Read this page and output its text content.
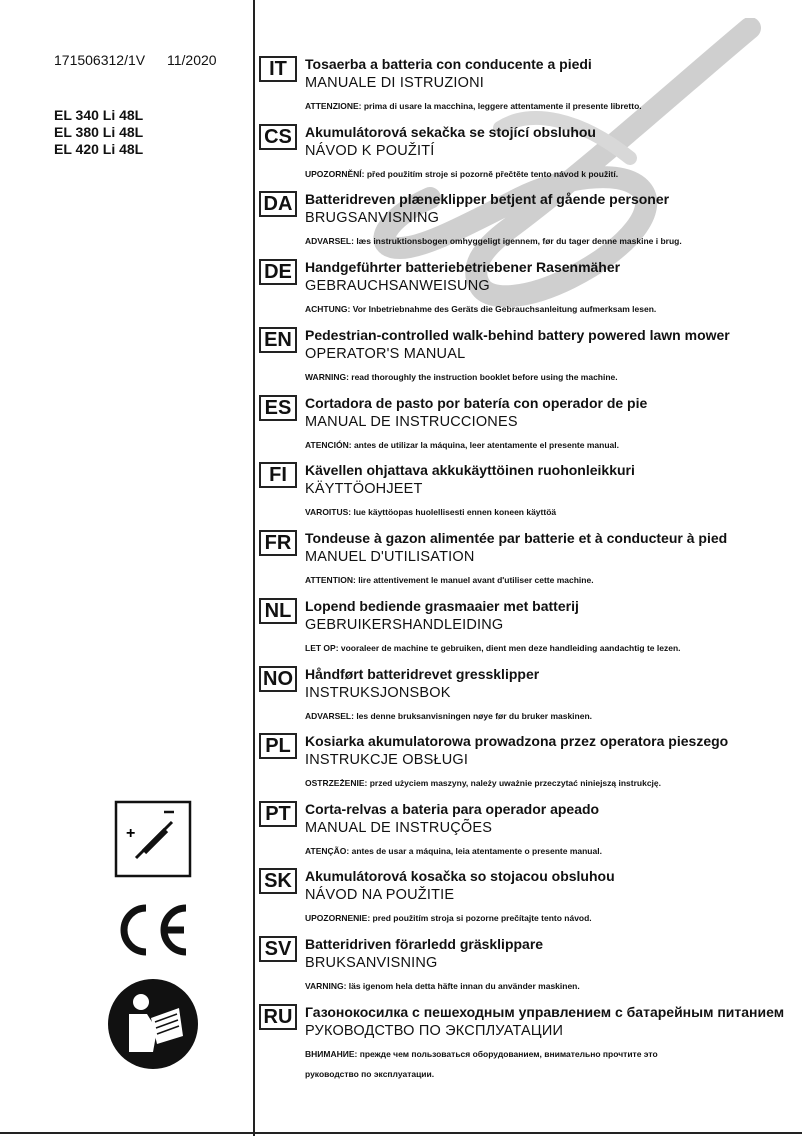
171506312/1V 11/2020
EL 340 Li 48L
EL 380 Li 48L
EL 420 Li 48L
IT	Tosaerba a batteria con conducente a piedi
MANUALE DI ISTRUZIONI
ATTENZIONE: prima di usare la macchina, leggere attentamente il presente libretto.
CS Akumulátorová sekačka se stojící obsluhou
NÁVOD K POUŽITÍ
UPOZORNĚNÍ: před použitím stroje si pozorně přečtěte tento návod k použití.
DA Batteridreven plæneklipper betjent af gående personer
BRUGSANVISNING
ADVARSEL: læs instruktionsbogen omhyggeligt igennem, før du tager denne maskine i brug.
DE Handgeführter batteriebetriebener Rasenmäher
GEBRAUCHSANWEISUNG
ACHTUNG: Vor Inbetriebnahme des Geräts die Gebrauchsanleitung aufmerksam lesen.
EN Pedestrian-controlled walk-behind battery powered lawn mower
OPERATOR'S MANUAL
WARNING: read thoroughly the instruction booklet before using the machine.
ES Cortadora de pasto por batería con operador de pie
MANUAL DE INSTRUCCIONES
ATENCIÓN: antes de utilizar la máquina, leer atentamente el presente manual.
FI	Kävellen ohjattava akkukäyttöinen ruohonleikkuri
KÄYTTÖOHJEET
VAROITUS: lue käyttöopas huolellisesti ennen koneen käyttöä
FR Tondeuse à gazon alimentée par batterie et à conducteur à pied
MANUEL D'UTILISATION
ATTENTION: lire attentivement le manuel avant d'utiliser cette machine.
NL Lopend bediende grasmaaier met batterij
GEBRUIKERSHANDLEIDING
LET OP: vooraleer de machine te gebruiken, dient men deze handleiding aandachtig te lezen.
NO Håndført batteridrevet gressklipper
INSTRUKSJONSBOK
ADVARSEL: les denne bruksanvisningen nøye før du bruker maskinen.
PL	Kosiarka akumulatorowa prowadzona przez operatora pieszego
INSTRUKCJE OBSŁUGI
OSTRZEŻENIE: przed użyciem maszyny, należy uważnie przeczytać niniejszą instrukcję.
PT	Corta-relvas a bateria para operador apeado
MANUAL DE INSTRUÇÕES
ATENÇÃO: antes de usar a máquina, leia atentamente o presente manual.
SK Akumulátorová kosačka so stojacou obsluhou
NÁVOD NA POUŽITIE
UPOZORNENIE: pred použitím stroja si pozorne prečítajte tento návod.
SV Batteridriven förarledd gräsklippare
BRUKSANVISNING
VARNING: läs igenom hela detta häfte innan du använder maskinen.
RU Газонокосилка с пешеходным управлением с батарейным питанием
РУКОВОДСТВО ПО ЭКСПЛУАТАЦИИ
ВНИМАНИЕ: прежде чем пользоваться оборудованием, внимательно прочтите это
руководство по эксплуатации.
+
